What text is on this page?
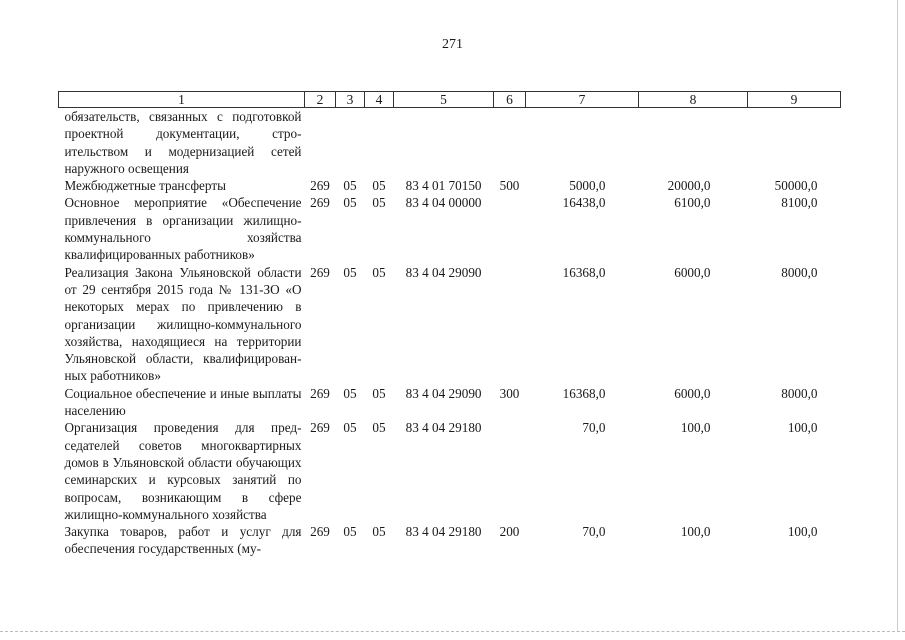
271
1	2	3	4	5	6	7	8	9
обязательств, связанных с подготовкой проектной документации, строительством и модернизацией сетей наружного освещения								
Межбюджетные трансферты	269	05	05	83 4 01 70150	500	5000,0	20000,0	50000,0
Основное мероприятие «Обеспечение привлечения в организации жилищно-коммунального хозяйства квалифицированных работников»	269	05	05	83 4 04 00000		16438,0	6100,0	8100,0
Реализация Закона Ульяновской области от 29 сентября 2015 года № 131-ЗО «О некоторых мерах по привлечению в организации жилищно-коммунального хозяйства, находящиеся на территории Ульяновской области, квалифицированных работников»	269	05	05	83 4 04 29090		16368,0	6000,0	8000,0
Социальное обеспечение и иные выплаты населению	269	05	05	83 4 04 29090	300	16368,0	6000,0	8000,0
Организация проведения для председателей советов многоквартирных домов в Ульяновской области обучающих семинарских и курсовых занятий по вопросам, возникающим в сфере жилищно-коммунального хозяйства	269	05	05	83 4 04 29180		70,0	100,0	100,0
Закупка товаров, работ и услуг для обеспечения государственных (му-	269	05	05	83 4 04 29180	200	70,0	100,0	100,0
